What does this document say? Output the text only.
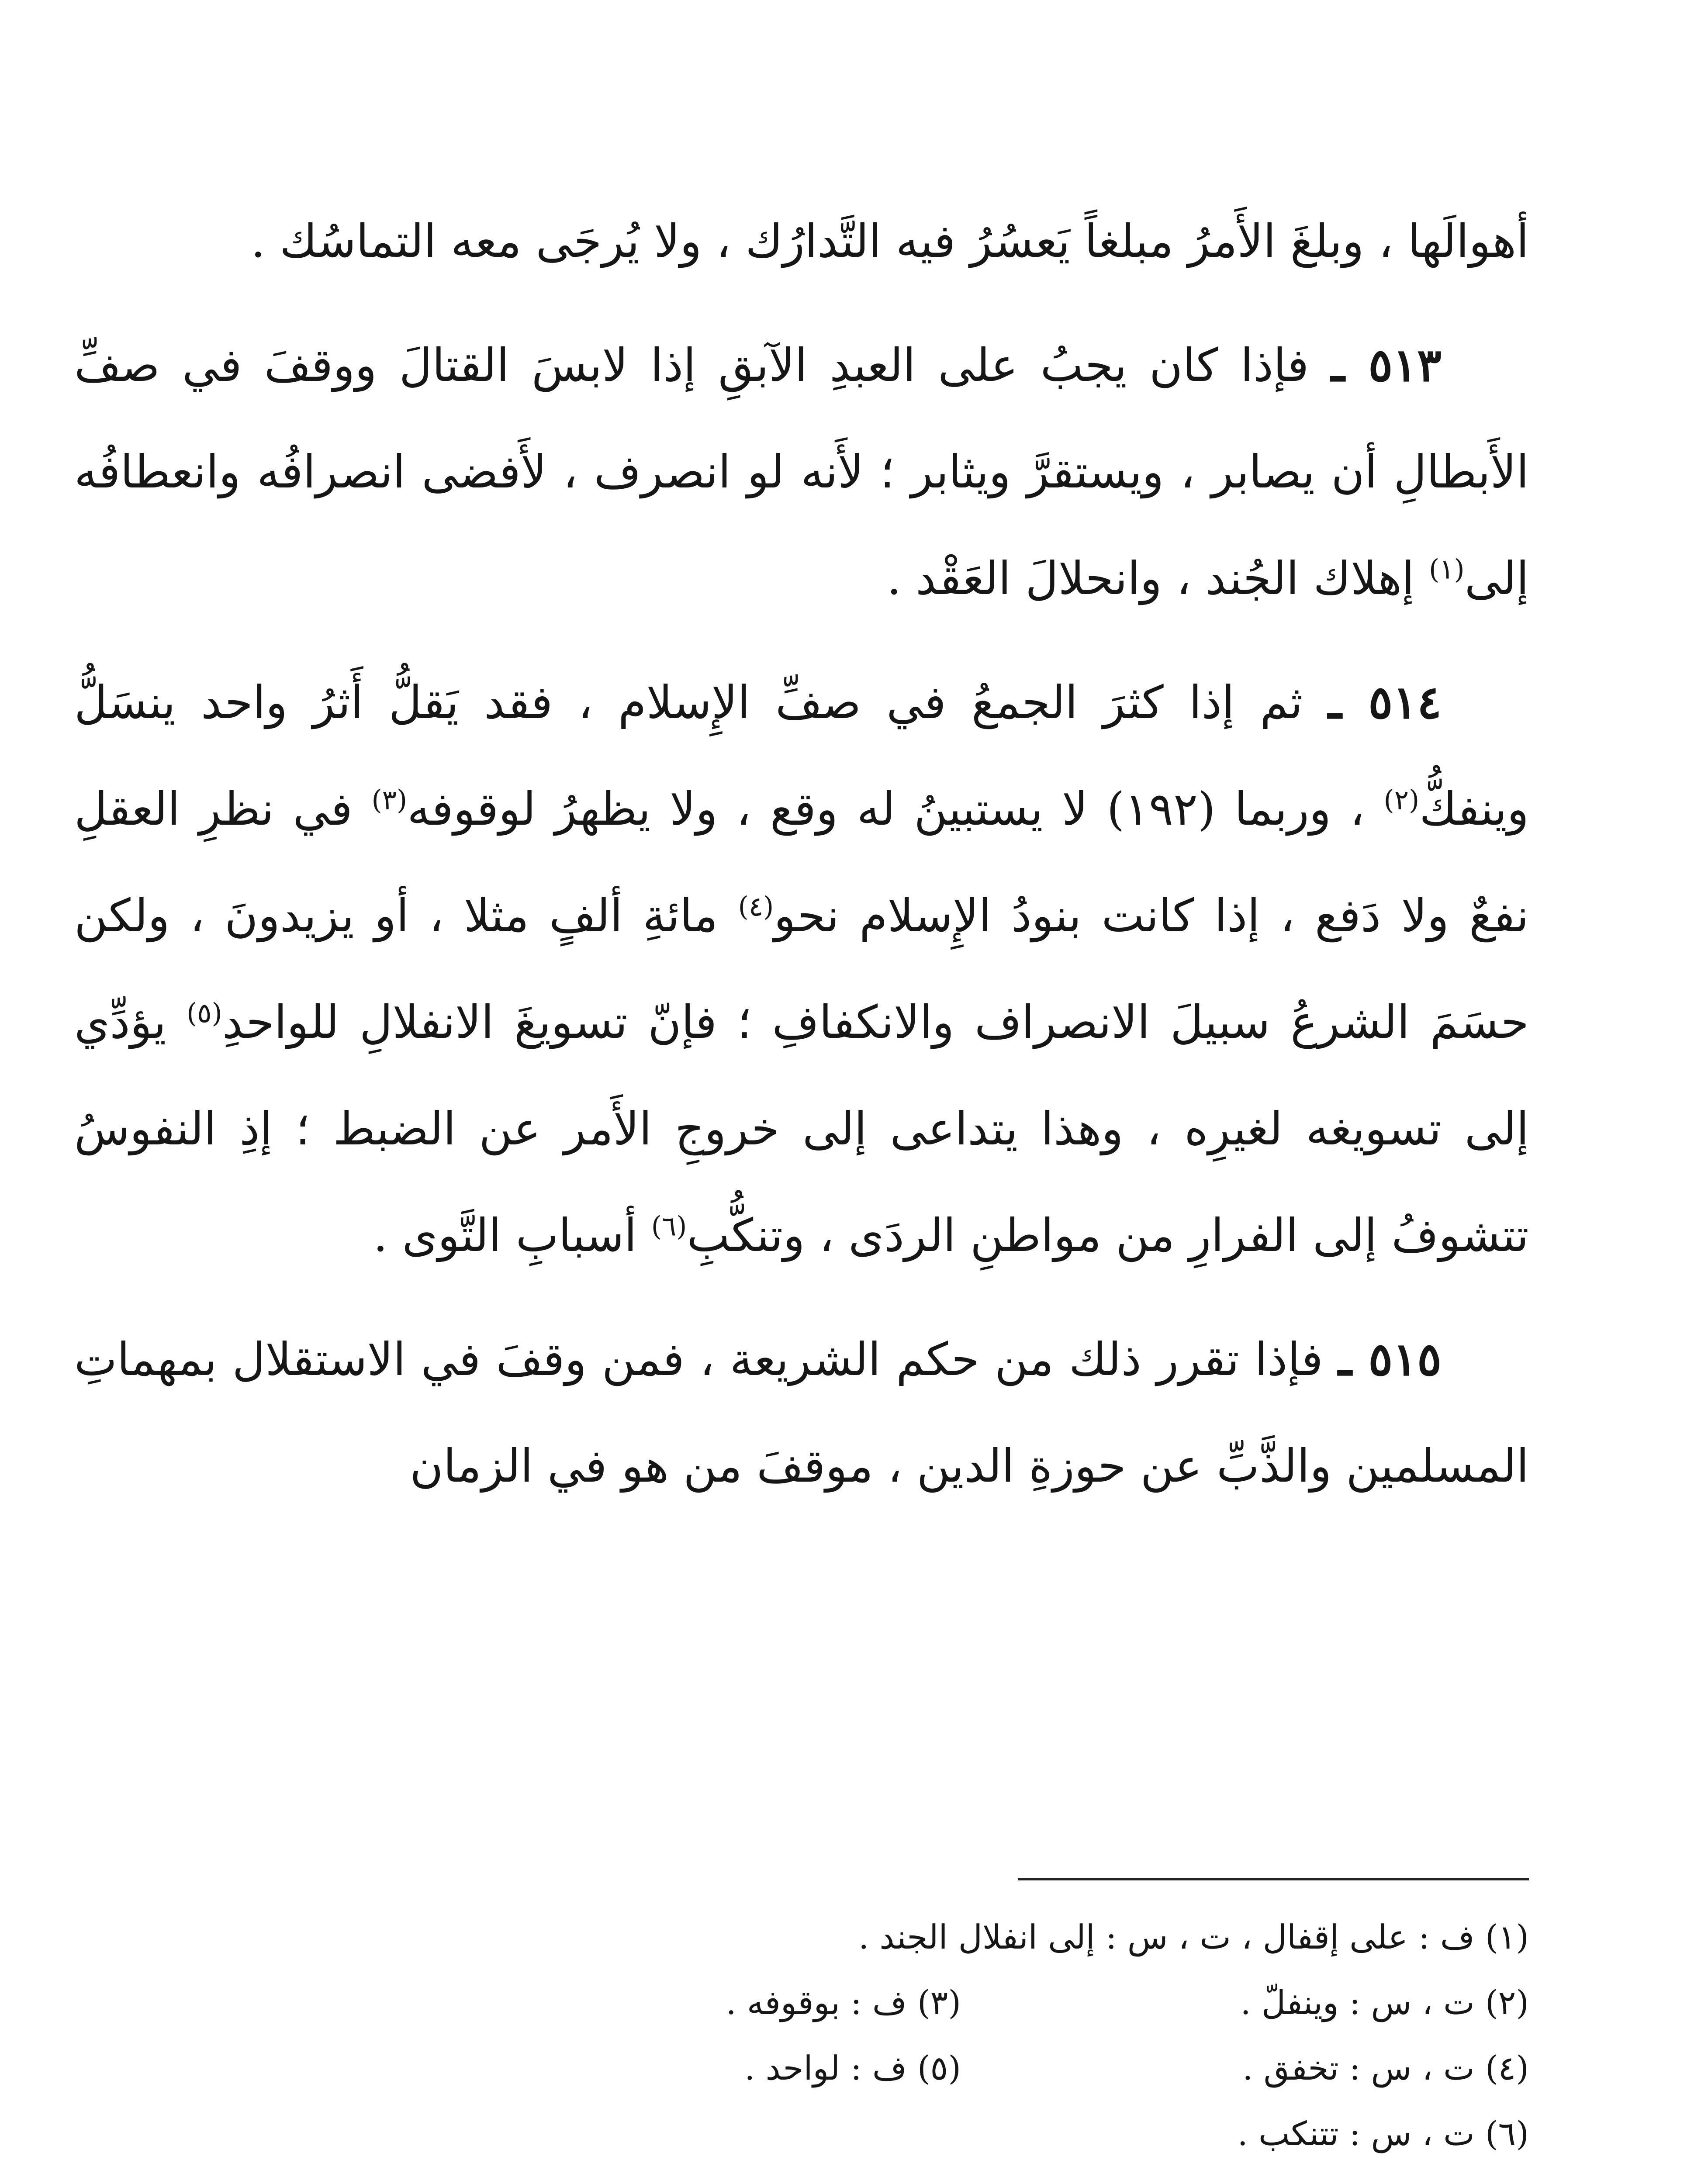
أهوالَها ، وبلغَ الأَمرُ مبلغاً يَعسُرُ فيه التَّدارُك ، ولا يُرجَى معه التماسُك .

٥١٣ ـ فإذا كان يجبُ على العبدِ الآبقِ إذا لابسَ القتالَ ووقفَ في صفِّ الأَبطالِ أن يصابر ، ويستقرَّ ويثابر ؛ لأَنه لو انصرف ، لأَفضى انصرافُه وانعطافُه إلى$^{(١)}$ إهلاك الجُند ، وانحلالَ العَقْد .

٥١٤ ـ ثم إذا كثرَ الجمعُ في صفِّ الإِسلام ، فقد يَقلُّ أَثرُ واحد ينسَلُّ وينفكُّ$^{(٢)}$ ، وربما (١٩٢) لا يستبينُ له وقع ، ولا يظهرُ لوقوفه$^{(٣)}$ في نظرِ العقلِ نفعٌ ولا دَفع ، إذا كانت بنودُ الإِسلام نحو$^{(٤)}$ مائةِ ألفٍ مثلا ، أو يزيدونَ ، ولكن حسَمَ الشرعُ سبيلَ الانصراف والانكفافِ ؛ فإنّ تسويغَ الانفلالِ للواحدِ$^{(٥)}$ يؤدِّي إلى تسويغه لغيرِه ، وهذا يتداعى إلى خروجِ الأَمر عن الضبط ؛ إذِ النفوسُ تتشوفُ إلى الفرارِ من مواطنِ الردَى ، وتنكُّبِ$^{(٦)}$ أسبابِ التَّوى .

٥١٥ ـ فإذا تقرر ذلك من حكم الشريعة ، فمن وقفَ في الاستقلال بمهماتِ المسلمين والذَّبِّ عن حوزةِ الدين ، موقفَ من هو في الزمان

(١) ف : على إقفال ، ت ، س : إلى انفلال الجند .
(٢) ت ، س : وينفلّ .
(٣) ف : بوقوفه .
(٤) ت ، س : تخفق .
(٥) ف : لواحد .
(٦) ت ، س : تتنكب .
